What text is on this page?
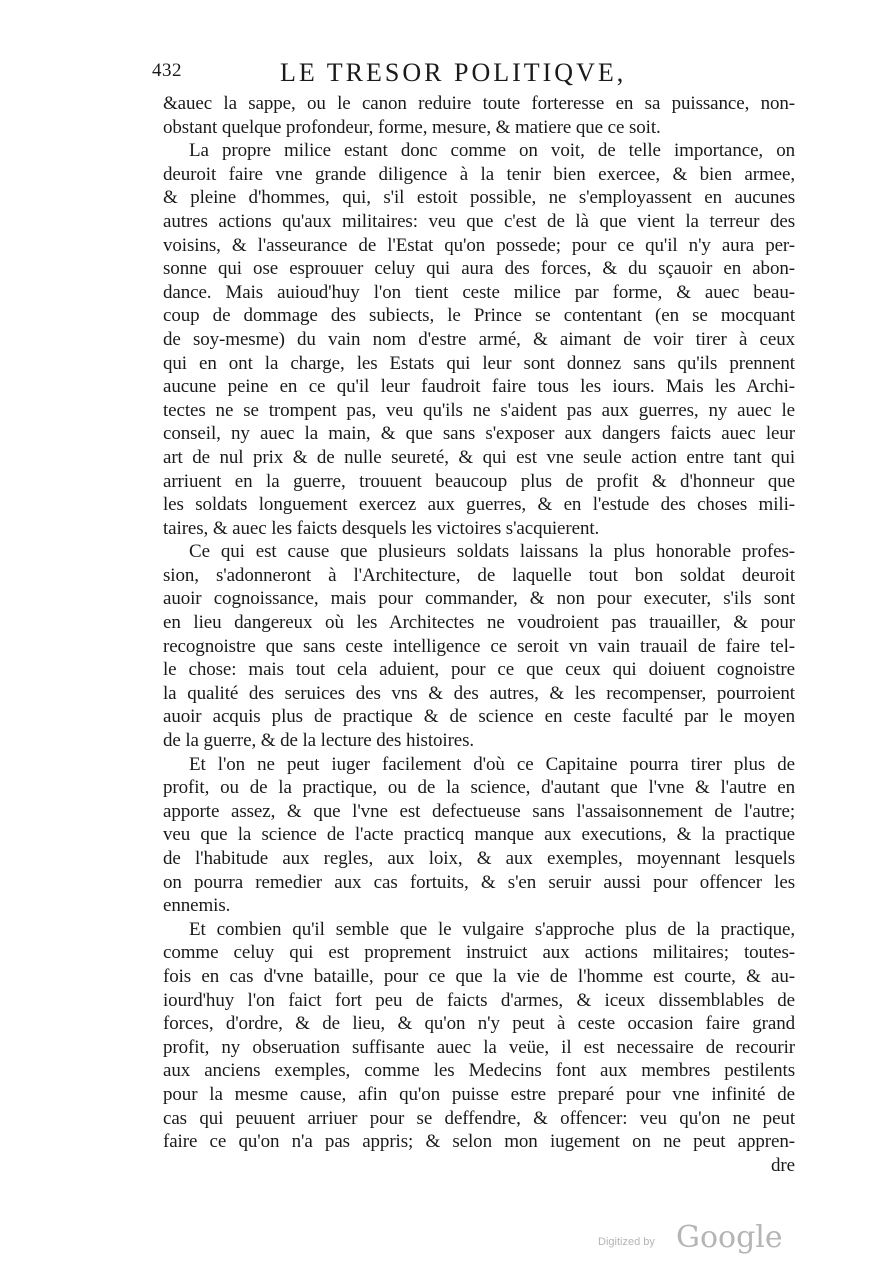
432	LE TRESOR POLITIQVE,
&auec la sappe, ou le canon reduire toute forteresse en sa puissance, non-
obstant quelque profondeur, forme, mesure, & matiere que ce soit.
La propre milice estant donc comme on voit, de telle importance, on
deuroit faire vne grande diligence à la tenir bien exercee, & bien armee,
& pleine d'hommes, qui, s'il estoit possible, ne s'employassent en aucunes
autres actions qu'aux militaires: veu que c'est de là que vient la terreur des
voisins, & l'asseurance de l'Estat qu'on possede; pour ce qu'il n'y aura per-
sonne qui ose esprouuer celuy qui aura des forces, & du sçauoir en abon-
dance. Mais auioud'huy l'on tient ceste milice par forme, & auec beau-
coup de dommage des subiects, le Prince se contentant (en se mocquant
de soy-mesme) du vain nom d'estre armé, & aimant de voir tirer à ceux
qui en ont la charge, les Estats qui leur sont donnez sans qu'ils prennent
aucune peine en ce qu'il leur faudroit faire tous les iours. Mais les Archi-
tectes ne se trompent pas, veu qu'ils ne s'aident pas aux guerres, ny auec le
conseil, ny auec la main, & que sans s'exposer aux dangers faicts auec leur
art de nul prix & de nulle seureté, & qui est vne seule action entre tant qui
arriuent en la guerre, trouuent beaucoup plus de profit & d'honneur que
les soldats longuement exercez aux guerres, & en l'estude des choses mili-
taires, & auec les faicts desquels les victoires s'acquierent.
Ce qui est cause que plusieurs soldats laissans la plus honorable profes-
sion, s'adonneront à l'Architecture, de laquelle tout bon soldat deuroit
auoir cognoissance, mais pour commander, & non pour executer, s'ils sont
en lieu dangereux où les Architectes ne voudroient pas trauailler, & pour
recognoistre que sans ceste intelligence ce seroit vn vain trauail de faire tel-
le chose: mais tout cela aduient, pour ce que ceux qui doiuent cognoistre
la qualité des seruices des vns & des autres, & les recompenser, pourroient
auoir acquis plus de practique & de science en ceste faculté par le moyen
de la guerre, & de la lecture des histoires.
Et l'on ne peut iuger facilement d'où ce Capitaine pourra tirer plus de
profit, ou de la practique, ou de la science, d'autant que l'vne & l'autre en
apporte assez, & que l'vne est defectueuse sans l'assaisonnement de l'autre;
veu que la science de l'acte practicq manque aux executions, & la practique
de l'habitude aux regles, aux loix, & aux exemples, moyennant lesquels
on pourra remedier aux cas fortuits, & s'en seruir aussi pour offencer les
ennemis.
Et combien qu'il semble que le vulgaire s'approche plus de la practique,
comme celuy qui est proprement instruict aux actions militaires; toutes-
fois en cas d'vne bataille, pour ce que la vie de l'homme est courte, & au-
iourd'huy l'on faict fort peu de faicts d'armes, & iceux dissemblables de
forces, d'ordre, & de lieu, & qu'on n'y peut à ceste occasion faire grand
profit, ny obseruation suffisante auec la veüe, il est necessaire de recourir
aux anciens exemples, comme les Medecins font aux membres pestilents
pour la mesme cause, afin qu'on puisse estre preparé pour vne infinité de
cas qui peuuent arriuer pour se deffendre, & offencer: veu qu'on ne peut
faire ce qu'on n'a pas appris; & selon mon iugement on ne peut appren-
dre
Digitized by Google
